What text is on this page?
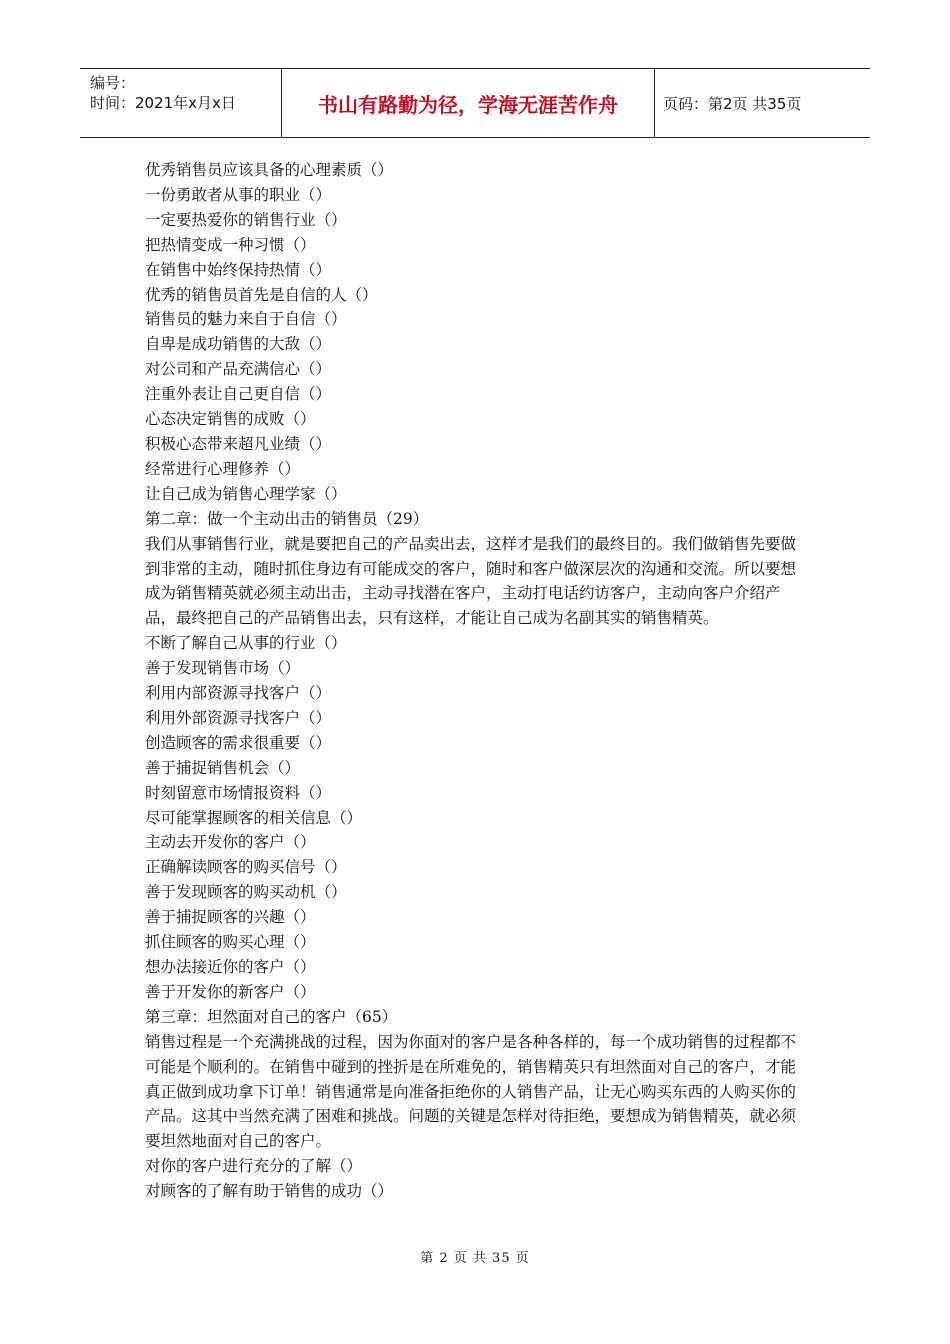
编号：
时间：2021年x月x日	书山有路勤为径，学海无涯苦作舟	页码：第2页 共35页

优秀销售员应该具备的心理素质（）

一份勇敢者从事的职业（）

一定要热爱你的销售行业（）

把热情变成一种习惯（）

在销售中始终保持热情（）

优秀的销售员首先是自信的人（）

销售员的魅力来自于自信（）

自卑是成功销售的大敌（）

对公司和产品充满信心（）

注重外表让自己更自信（）

心态决定销售的成败（）

积极心态带来超凡业绩（）

经常进行心理修养（）

让自己成为销售心理学家（）

第二章：做一个主动出击的销售员（29）

我们从事销售行业，就是要把自己的产品卖出去，这样才是我们的最终目的。我们做销售先要做到非常的主动，随时抓住身边有可能成交的客户，随时和客户做深层次的沟通和交流。所以要想成为销售精英就必须主动出击，主动寻找潜在客户，主动打电话约访客户，主动向客户介绍产品，最终把自己的产品销售出去，只有这样，才能让自己成为名副其实的销售精英。

不断了解自己从事的行业（）

善于发现销售市场（）

利用内部资源寻找客户（）

利用外部资源寻找客户（）

创造顾客的需求很重要（）

善于捕捉销售机会（）

时刻留意市场情报资料（）

尽可能掌握顾客的相关信息（）

主动去开发你的客户（）

正确解读顾客的购买信号（）

善于发现顾客的购买动机（）

善于捕捉顾客的兴趣（）

抓住顾客的购买心理（）

想办法接近你的客户（）

善于开发你的新客户（）

第三章：坦然面对自己的客户（65）

销售过程是一个充满挑战的过程，因为你面对的客户是各种各样的，每一个成功销售的过程都不可能是个顺利的。在销售中碰到的挫折是在所难免的，销售精英只有坦然面对自己的客户，才能真正做到成功拿下订单！销售通常是向准备拒绝你的人销售产品，让无心购买东西的人购买你的产品。这其中当然充满了困难和挑战。问题的关键是怎样对待拒绝，要想成为销售精英，就必须要坦然地面对自己的客户。

对你的客户进行充分的了解（）

对顾客的了解有助于销售的成功（）

第 2 页 共 35 页
